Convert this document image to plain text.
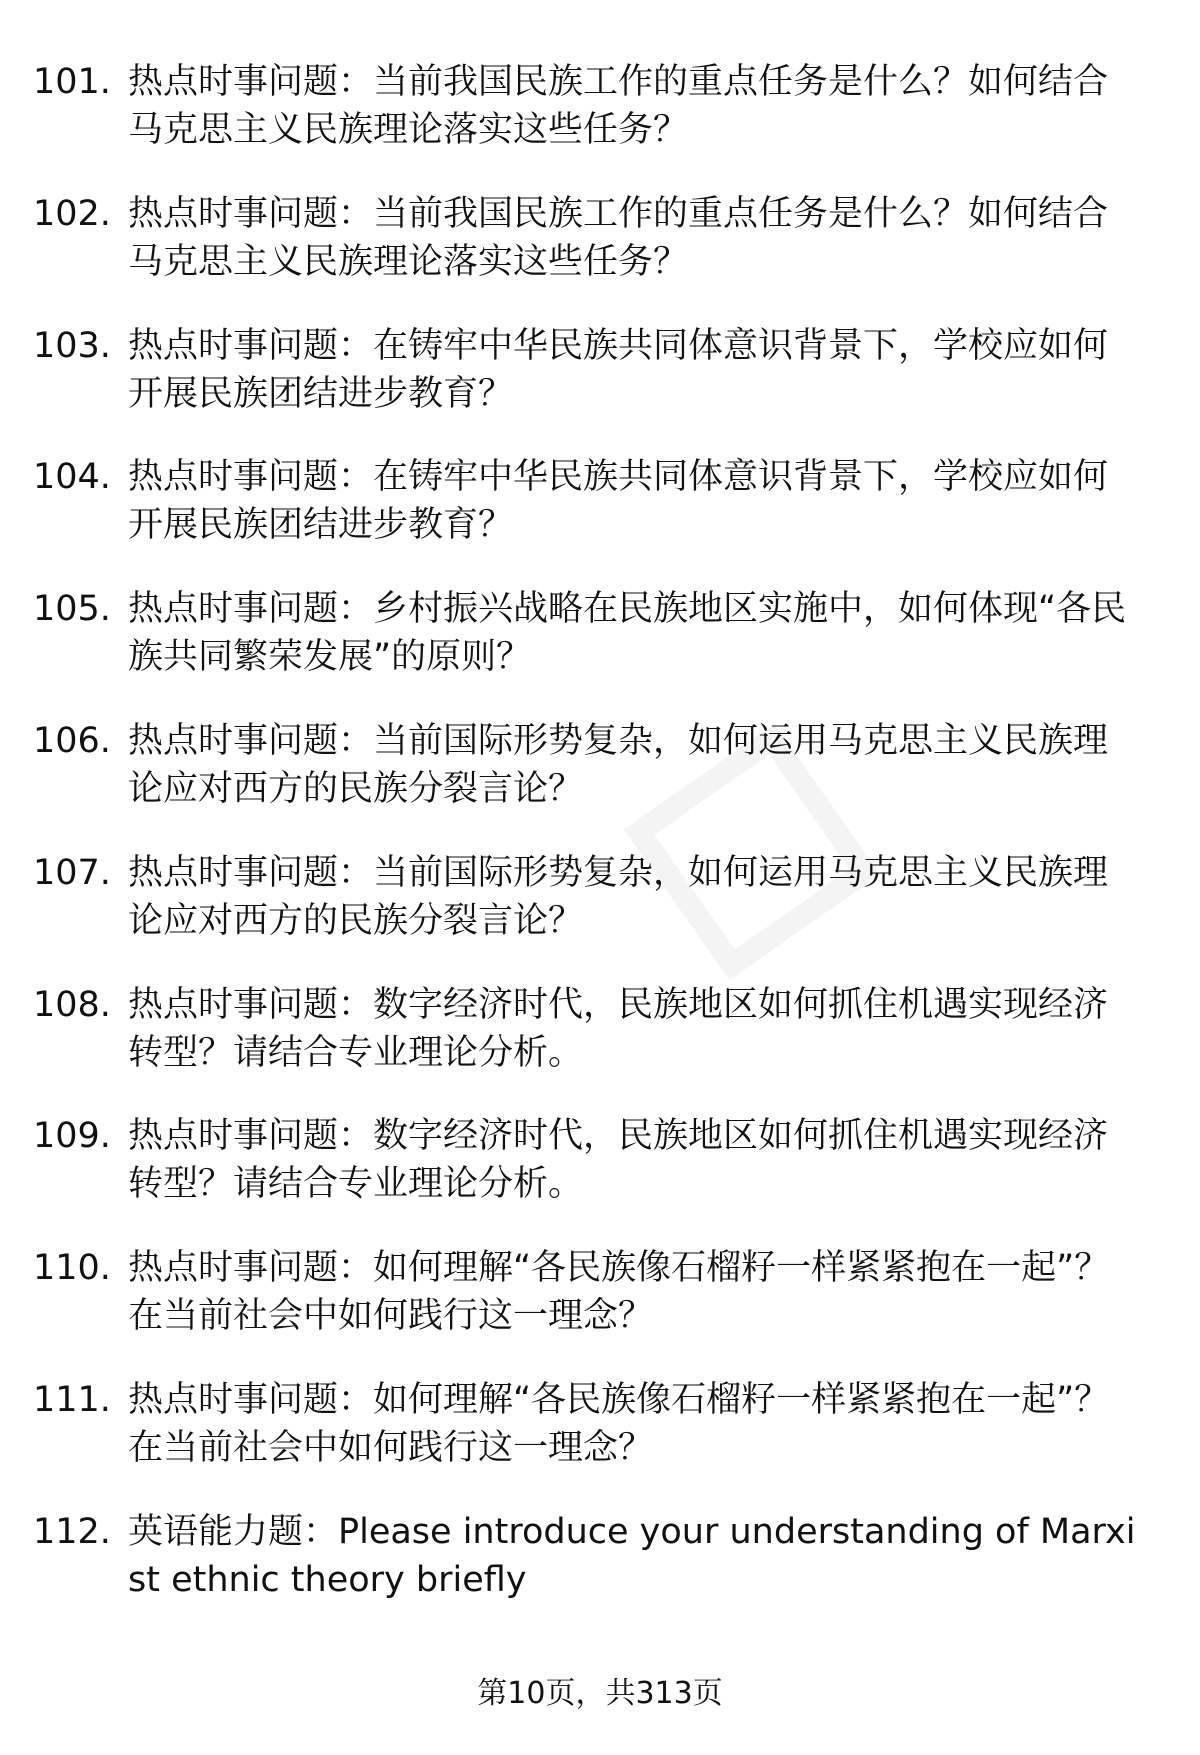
101. 热点时事问题：当前我国民族工作的重点任务是什么？如何结合马克思主义民族理论落实这些任务？
102. 热点时事问题：当前我国民族工作的重点任务是什么？如何结合马克思主义民族理论落实这些任务？
103. 热点时事问题：在铸牢中华民族共同体意识背景下，学校应如何开展民族团结进步教育？
104. 热点时事问题：在铸牢中华民族共同体意识背景下，学校应如何开展民族团结进步教育？
105. 热点时事问题：乡村振兴战略在民族地区实施中，如何体现“各民族共同繁荣发展”的原则？
106. 热点时事问题：当前国际形势复杂，如何运用马克思主义民族理论应对西方的民族分裂言论？
107. 热点时事问题：当前国际形势复杂，如何运用马克思主义民族理论应对西方的民族分裂言论？
108. 热点时事问题：数字经济时代，民族地区如何抓住机遇实现经济转型？请结合专业理论分析。
109. 热点时事问题：数字经济时代，民族地区如何抓住机遇实现经济转型？请结合专业理论分析。
110. 热点时事问题：如何理解“各民族像石榴籽一样紧紧抱在一起”？在当前社会中如何践行这一理念？
111. 热点时事问题：如何理解“各民族像石榴籽一样紧紧抱在一起”？在当前社会中如何践行这一理念？
112. 英语能力题：Please introduce your understanding of Marxist ethnic theory briefly
第10页，共313页
